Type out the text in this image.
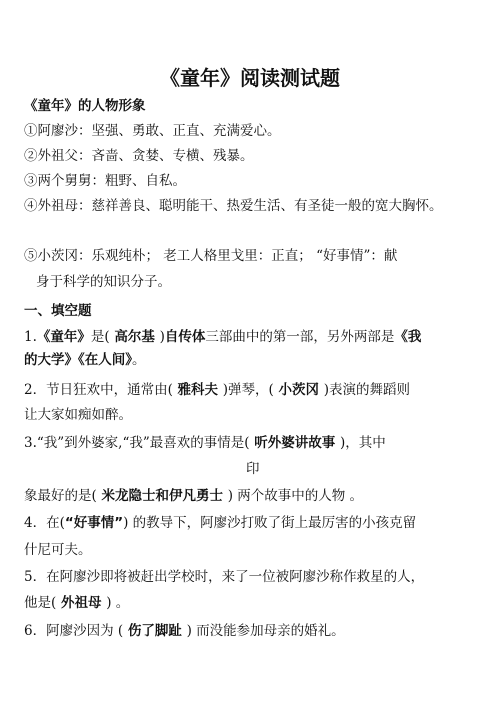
《童年》阅读测试题
《童年》的人物形象
①阿廖沙：坚强、勇敢、正直、充满爱心。
②外祖父：吝啬、贪婪、专横、残暴。
③两个舅舅：粗野、自私。
④外祖母：慈祥善良、聪明能干、热爱生活、有圣徒一般的宽大胸怀。
⑤小茨冈：乐观纯朴； 老工人格里戈里：正直； “好事情”：献
身于科学的知识分子。
一、填空题
1.《童年》是( 高尔基 )自传体三部曲中的第一部，另外两部是《我
的大学》《在人间》。
2．节日狂欢中，通常由( 雅科夫 )弹琴，( 小茨冈 )表演的舞蹈则
让大家如痴如醉。
3.“我”到外婆家,“我”最喜欢的事情是( 听外婆讲故事 )，其中
印
象最好的是( 米龙隐士和伊凡勇士 ) 两个故事中的人物 。
4．在(“好事情”) 的教导下，阿廖沙打败了街上最厉害的小孩克留
什尼可夫。
5．在阿廖沙即将被赶出学校时，来了一位被阿廖沙称作救星的人，
他是( 外祖母 ) 。
6．阿廖沙因为 ( 伤了脚趾 ) 而没能参加母亲的婚礼。
